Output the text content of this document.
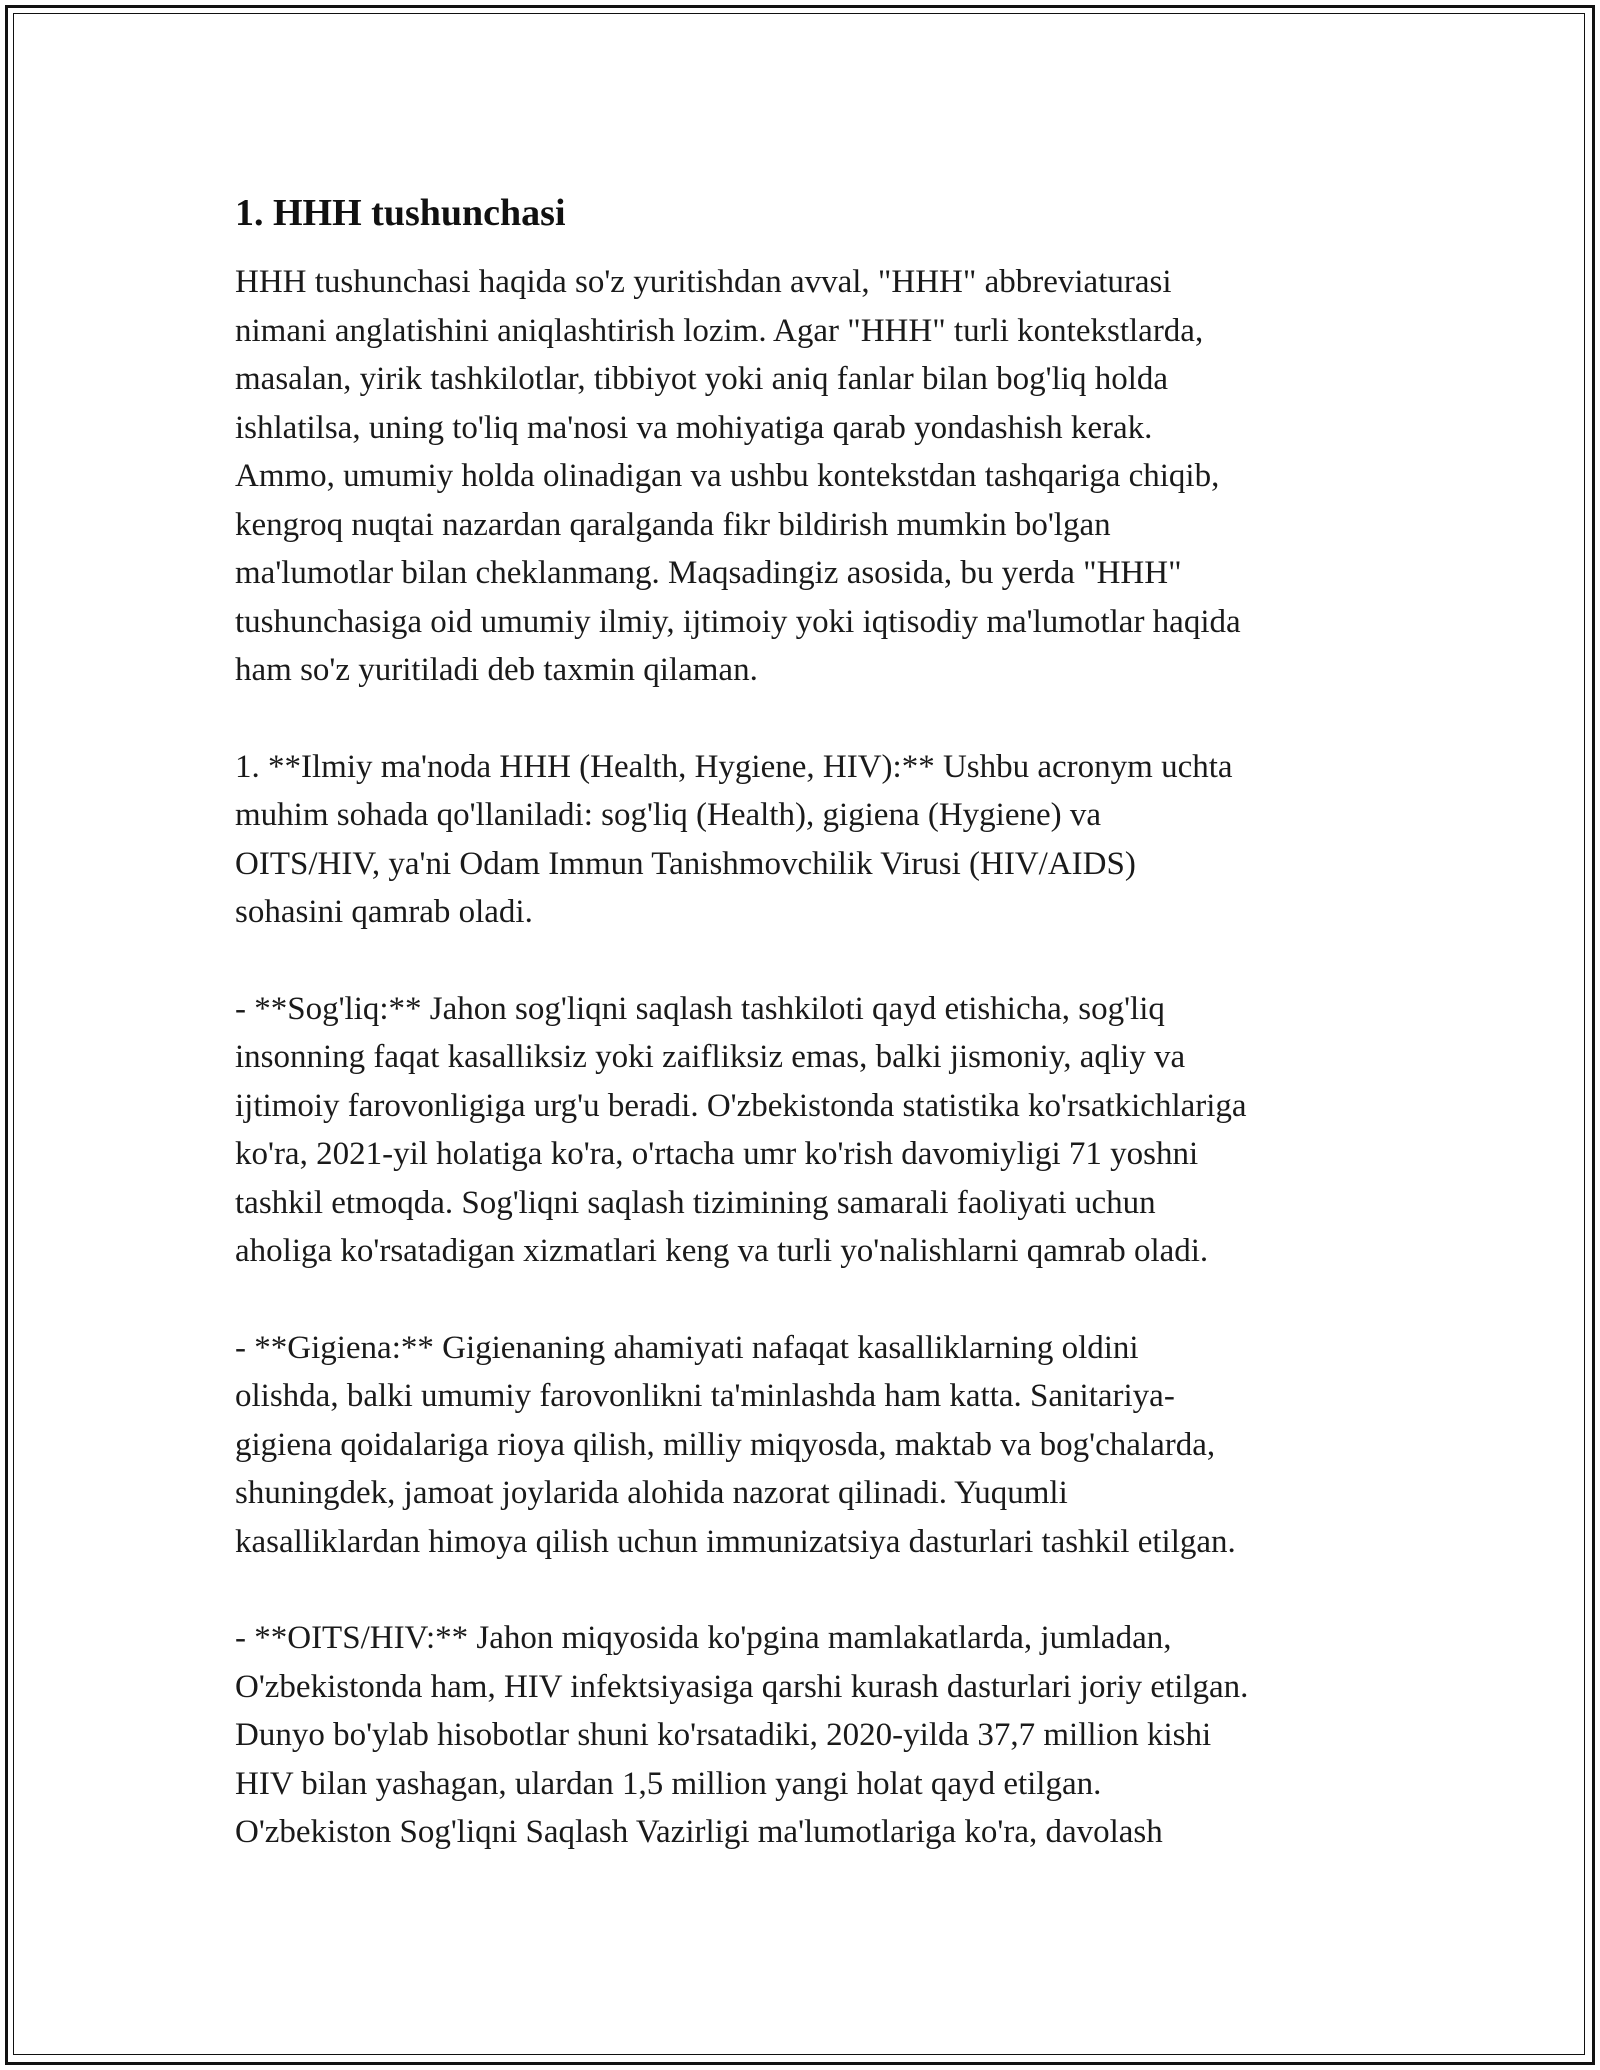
1. HHH tushunchasi

HHH tushunchasi haqida so'z yuritishdan avval, "HHH" abbreviaturasi
nimani anglatishini aniqlashtirish lozim. Agar "HHH" turli kontekstlarda,
masalan, yirik tashkilotlar, tibbiyot yoki aniq fanlar bilan bog'liq holda
ishlatilsa, uning to'liq ma'nosi va mohiyatiga qarab yondashish kerak.
Ammo, umumiy holda olinadigan va ushbu kontekstdan tashqariga chiqib,
kengroq nuqtai nazardan qaralganda fikr bildirish mumkin bo'lgan
ma'lumotlar bilan cheklanmang. Maqsadingiz asosida, bu yerda "HHH"
tushunchasiga oid umumiy ilmiy, ijtimoiy yoki iqtisodiy ma'lumotlar haqida
ham so'z yuritiladi deb taxmin qilaman.

1. **Ilmiy ma'noda HHH (Health, Hygiene, HIV):** Ushbu acronym uchta
muhim sohada qo'llaniladi: sog'liq (Health), gigiena (Hygiene) va
OITS/HIV, ya'ni Odam Immun Tanishmovchilik Virusi (HIV/AIDS)
sohasini qamrab oladi.

- **Sog'liq:** Jahon sog'liqni saqlash tashkiloti qayd etishicha, sog'liq
insonning faqat kasalliksiz yoki zaifliksiz emas, balki jismoniy, aqliy va
ijtimoiy farovonligiga urg'u beradi. O'zbekistonda statistika ko'rsatkichlariga
ko'ra, 2021-yil holatiga ko'ra, o'rtacha umr ko'rish davomiyligi 71 yoshni
tashkil etmoqda. Sog'liqni saqlash tizimining samarali faoliyati uchun
aholiga ko'rsatadigan xizmatlari keng va turli yo'nalishlarni qamrab oladi.

- **Gigiena:** Gigienaning ahamiyati nafaqat kasalliklarning oldini
olishda, balki umumiy farovonlikni ta'minlashda ham katta. Sanitariya-
gigiena qoidalariga rioya qilish, milliy miqyosda, maktab va bog'chalarda,
shuningdek, jamoat joylarida alohida nazorat qilinadi. Yuqumli
kasalliklardan himoya qilish uchun immunizatsiya dasturlari tashkil etilgan.

- **OITS/HIV:** Jahon miqyosida ko'pgina mamlakatlarda, jumladan,
O'zbekistonda ham, HIV infektsiyasiga qarshi kurash dasturlari joriy etilgan.
Dunyo bo'ylab hisobotlar shuni ko'rsatadiki, 2020-yilda 37,7 million kishi
HIV bilan yashagan, ulardan 1,5 million yangi holat qayd etilgan.
O'zbekiston Sog'liqni Saqlash Vazirligi ma'lumotlariga ko'ra, davolash
